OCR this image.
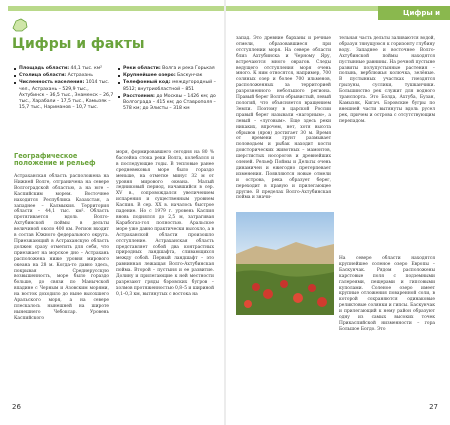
Цифры и факты
Площадь области: 44,1 тыс. км²
Столица области: Астрахань
Численность населения: 1014 тыс. чел., Астрахань – 529,9 тыс., Ахтубинск – 36,5 тыс., Знаменск – 26,7 тыс., Харабали – 17,5 тыс., Камызяк – 15,7 тыс., Нариманов – 10,7 тыс.
Реки области: Волга и река Горькая
Крупнейшее озеро: Баскунчак
Телефонный код: междугородный – 8512; внутриобластной – 851
Расстояния: до Москвы – 1426 км; до Волгограда – 415 км; до Ставрополя – 578 км; до Элисты – 318 км
Географическое положение и рельеф
Астраханская область расположена на Нижней Волге, отграничена на севере Волгоградской областью, а на юге – Каспийским морем. Восточнее находится Республика Казахстан, а западнее – Калмыкия. Территория области – 44,1 тыс. км². Область протягивается вдоль Волго-Ахтубинской поймы в дельты величиной около 400 км. Регион входит в состав Южного федерального округа. Приезжающий в Астраханскую область должен сразу отметить для себя, что приезжает на морское дно – Астрахань расположена ниже уровня мирового океана на 28 м. Когда-то давно здесь, покрывая Среднерусскую возвышенность, море было гораздо больше, до связи по Манычской впадине с Черным и Азовским морями, на восток доходило до ныне высохшего Аральского моря, а на севере плескалось нынешней на широте нынешнего Чебоксар. Уровень Каспийского
моря, формировавшего сегодня на 80 % бассейна стока реки Волга, колебался и в последующие годы. В тепловые ранее средневековья море было гораздо меньше, на отметке минус 32 м от уровня мирового океана. Малый ледниковый период, начавшийся в сер. XV в., сопровождался увеличением испарения и существенным уровнем Каспия. В сер. XX в. началось быстрое падение. Но с 1979 г. уровень Каспия вновь поднялся до 2,5 м, затрагивая Карабогаз-гол полностью. Аральское море уже давно практически высохло, а в Астраханской области произошло отступление. Астраханская область представляет собой два контрастных природных ландшафта, сливающихся между собой. Первый ландшафт – это равнинная лежащая Волго-Ахтубинская пойма. Второй – пустыня и ее развитие. Долину и прилегающие к ней местности разрезают гряды бэровских бугров – холмов протяженностью 0,8–5 и шириной 0,1–0,3 км, вытянутых с востока на
26
Цифры и факты
запад. Это древние барханы и речные отмели, образовавшиеся при отступлении моря. На севере области близ Ахтубинска и Черному Яру, встречаются много оврагов. Следы ведущего отступления моря очень много. К ним относятся, например, 700 соляных озер и более 700 ильменов, расположенных за территорией разрозненного небольшого региона. Правый берег Волги обрывистый, левый пологий, что объясняется вращением Земли. Поэтому в царской России правый берег называли «нагорным», а левый – «луговым». Еще здесь реки никаких, впрочем, нет, хотя высота обрывов (яров) достигает 30 м. Время от времени грунт размывает половодьем и рыбак находит кости доисторических животных – мамонтов, шерстистых носорогов и древнейших оленей. Рельеф Поймы и Дельты очень динамичен и ежегодно претерпевает изменения. Появляются новые отмели и острова, река образует берег, переходит в правую и прилегающее другие. В пределах Волго-Ахтубинская пойма и значи-
тельная часть дельты заливаются водой, образуя тянущуюся к горизонту глубину воду. Западнее и восточнее Волго-Ахтубинской поймы находятся пустынные равнины. На речной пустыне развиты полупустынные растения – полынь, верблюжья колючка, зелёные. В пустынных участках гнездятся грызуны, суслики, тушканчики. Большинство рек служит для водного транспорта. Это Болда, Ахтуба, Бузан, Камызяк, Кигач. Бэровские бугры по внешней части вытянуты вдоль русел рек, причем и острова с отсутствующим перепадом.
На севере области находятся крупнейшее соленое озеро Европы – Баскунчак. Рядом расположены карстовые поля с подземными галереями, пещерами и гипсовыми куполами. Соленое озеро имеет крупные отложения поваренной соли, в которой сохраняются одинаковые реликтовые солянки и гипсы. Баскунчак и прилегающий к нему район образуют одну из самых высоких точек Прикаспийской низменности – гора Большое Богдо. Это
27
